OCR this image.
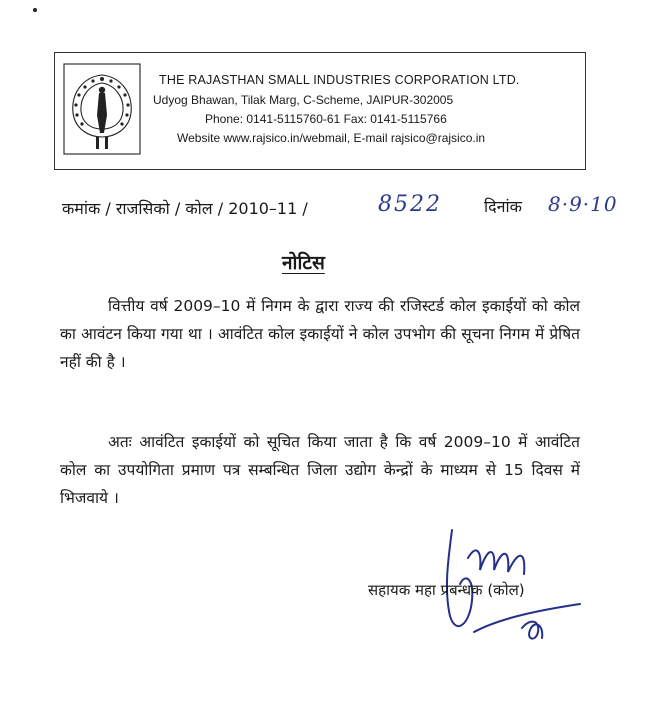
THE RAJASTHAN SMALL INDUSTRIES CORPORATION LTD.
Udyog Bhawan, Tilak Marg, C-Scheme, JAIPUR-302005
Phone: 0141-5115760-61 Fax: 0141-5115766
Website www.rajsico.in/webmail, E-mail rajsico@rajsico.in
कमांक / राजसिको / कोल / 2010–11 /	8522	दिनांक 8·9·10
नोटिस

वित्तीय वर्ष 2009–10 में निगम के द्वारा राज्य की रजिस्टर्ड कोल इकाईयों को कोल का आवंटन किया गया था । आवंटित कोल इकाईयों ने कोल उपभोग की सूचना निगम में प्रेषित नहीं की है ।

अतः आवंटित इकाईयों को सूचित किया जाता है कि वर्ष 2009–10 में आवंटित कोल का उपयोगिता प्रमाण पत्र सम्बन्धित जिला उद्योग केन्द्रों के माध्यम से 15 दिवस में भिजवाये ।

सहायक महा प्रबन्धक (कोल)
